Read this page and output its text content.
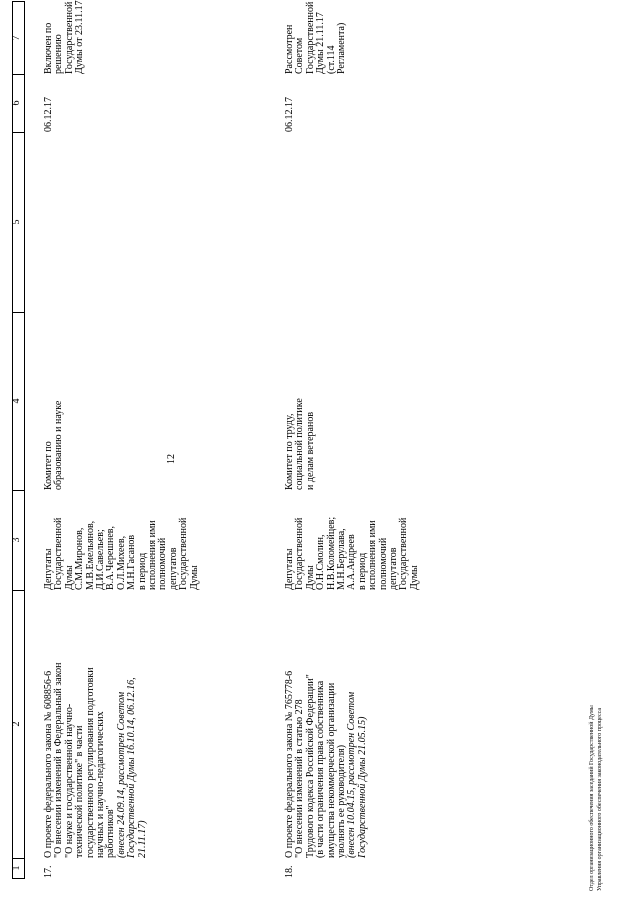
12
1
2
3
4
5
6
7
17.
О проекте федерального закона № 608856-6 "О внесении изменений в Федеральный закон "О науке и государственной научно- технической политике" в части государственного регулирования подготовки научных и научно-педагогических работников" (внесен 24.09.14, рассмотрен Советом Государственной Думы 16.10.14, 06.12.16, 21.11.17)
Депутаты Государственной Думы С.М.Миронов, М.В.Емельянов, Д.И.Савельев; В.А.Черешнев, О.Л.Михеев, М.Н.Гасанов в период исполнения ими полномочий депутатов Государственной Думы
Комитет по образованию и науке
06.12.17
Включен по решению Государственной Думы от 23.11.17
18.
О проекте федерального закона № 765778-6 "О внесении изменений в статью 278 Трудового кодекса Российской Федерации" (в части ограничения права собственника имущества некоммерческой организации уволнять ее руководителя) (внесен 10.04.15, рассмотрен Советом Государственной Думы 21.05.15)
Депутаты Государственной Думы О.Н.Смолин, Н.В.Коломейцев; М.Н.Берулава, А.А.Андреев в период исполнения ими полномочий депутатов Государственной Думы
Комитет по труду, социальной политике и делам ветеранов
06.12.17
Рассмотрен Советом Государственной Думы 21.11.17 (ст.114 Регламента)
Отдел организационного обеспечения заседаний Государственной Думы Управления организационного обеспечения законодательного процесса
